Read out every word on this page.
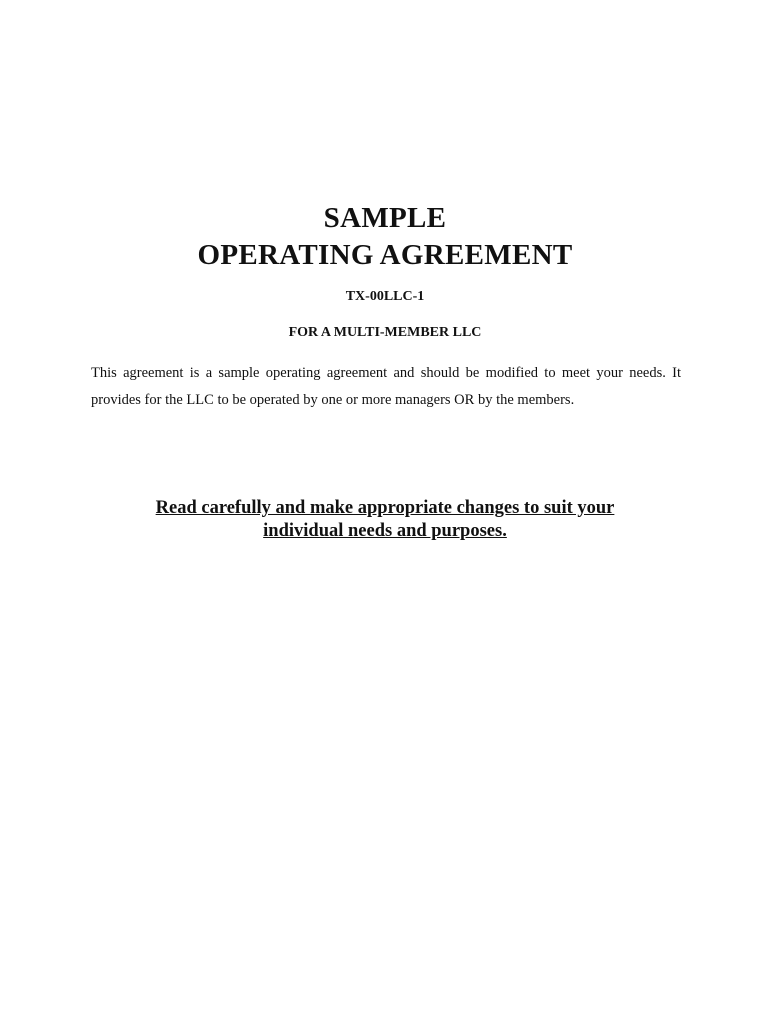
SAMPLE
OPERATING AGREEMENT
TX-00LLC-1
FOR A MULTI-MEMBER LLC
This agreement is a sample operating agreement and should be modified to meet your needs. It
provides for the LLC to be operated by one or more managers OR by the members.
Read carefully and make appropriate changes to suit your
individual needs and purposes.
